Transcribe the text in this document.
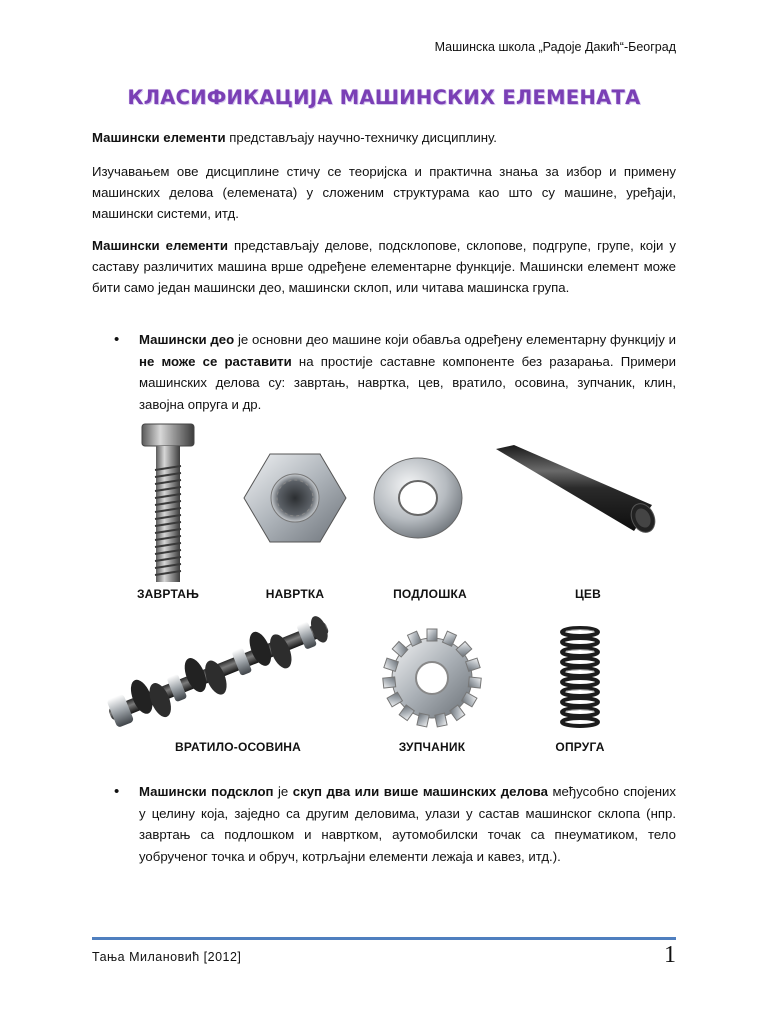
Машинска школа „Радоје Дакић“-Београд
КЛАСИФИКАЦИЈА МАШИНСКИХ ЕЛЕМЕНАТА
Машински елементи представљају научно-техничку дисциплину.
Изучавањем ове дисциплине стичу се теоријска и практична знања за избор и примену машинских делова (елемената) у сложеним структурама као што су машине, уређаји, машински системи, итд.
Машински елементи представљају делове, подсклопове, склопове, подгрупе, групе, који у саставу различитих машина врше одређене елементарне функције. Машински елемент може бити само један машински део, машински склоп, или читава машинска група.
• Машински део је основни део машине који обавља одређену елементарну функцију и не може се раставити на простије саставне компоненте без разарања. Примери машинских делова су: завртањ, навртка, цев, вратило, осовина, зупчаник, клин, завојна опруга и др.
ЗАВРТАЊ	НАВРТКА	ПОДЛОШКА	ЦЕВ
ВРАТИЛО-ОСОВИНА	ЗУПЧАНИК	ОПРУГА
• Машински подсклоп је скуп два или више машинских делова међусобно спојених у целину која, заједно са другим деловима, улази у састав машинског склопа (нпр. завртањ са подлошком и навртком, аутомобилски точак са пнеуматиком, тело уобрученог точка и обруч, котрљајни елементи лежаја и кавез, итд.).
Тања Милановић [2012]	1
